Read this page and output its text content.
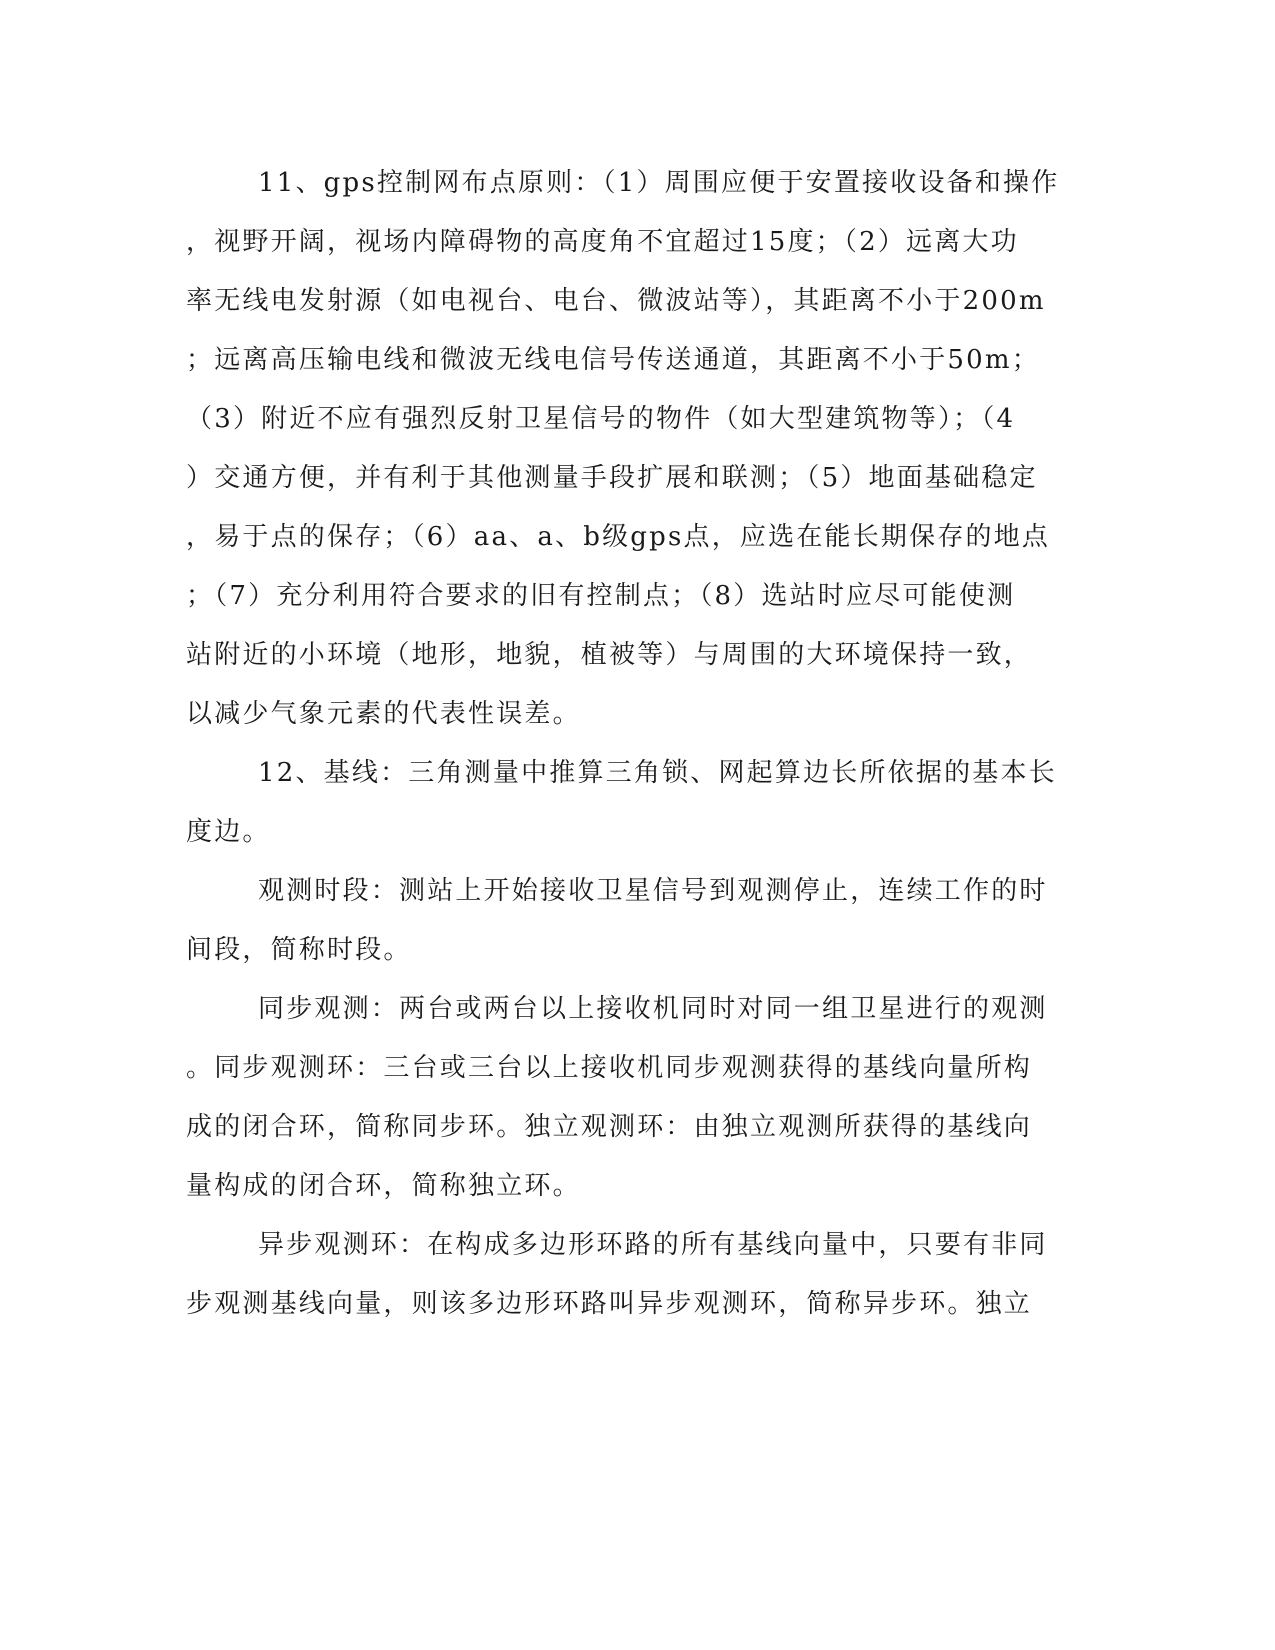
11、gps控制网布点原则：（1）周围应便于安置接收设备和操作
，视野开阔，视场内障碍物的高度角不宜超过15度；（2）远离大功
率无线电发射源（如电视台、电台、微波站等），其距离不小于200m
；远离高压输电线和微波无线电信号传送通道，其距离不小于50m；
（3）附近不应有强烈反射卫星信号的物件（如大型建筑物等）；（4
）交通方便，并有利于其他测量手段扩展和联测；（5）地面基础稳定
，易于点的保存；（6）aa、a、b级gps点，应选在能长期保存的地点
；（7）充分利用符合要求的旧有控制点；（8）选站时应尽可能使测
站附近的小环境（地形，地貌，植被等）与周围的大环境保持一致，
以减少气象元素的代表性误差。
12、基线：三角测量中推算三角锁、网起算边长所依据的基本长
度边。
观测时段：测站上开始接收卫星信号到观测停止，连续工作的时
间段，简称时段。
同步观测：两台或两台以上接收机同时对同一组卫星进行的观测
。同步观测环：三台或三台以上接收机同步观测获得的基线向量所构
成的闭合环，简称同步环。独立观测环：由独立观测所获得的基线向
量构成的闭合环，简称独立环。
异步观测环：在构成多边形环路的所有基线向量中，只要有非同
步观测基线向量，则该多边形环路叫异步观测环，简称异步环。独立
